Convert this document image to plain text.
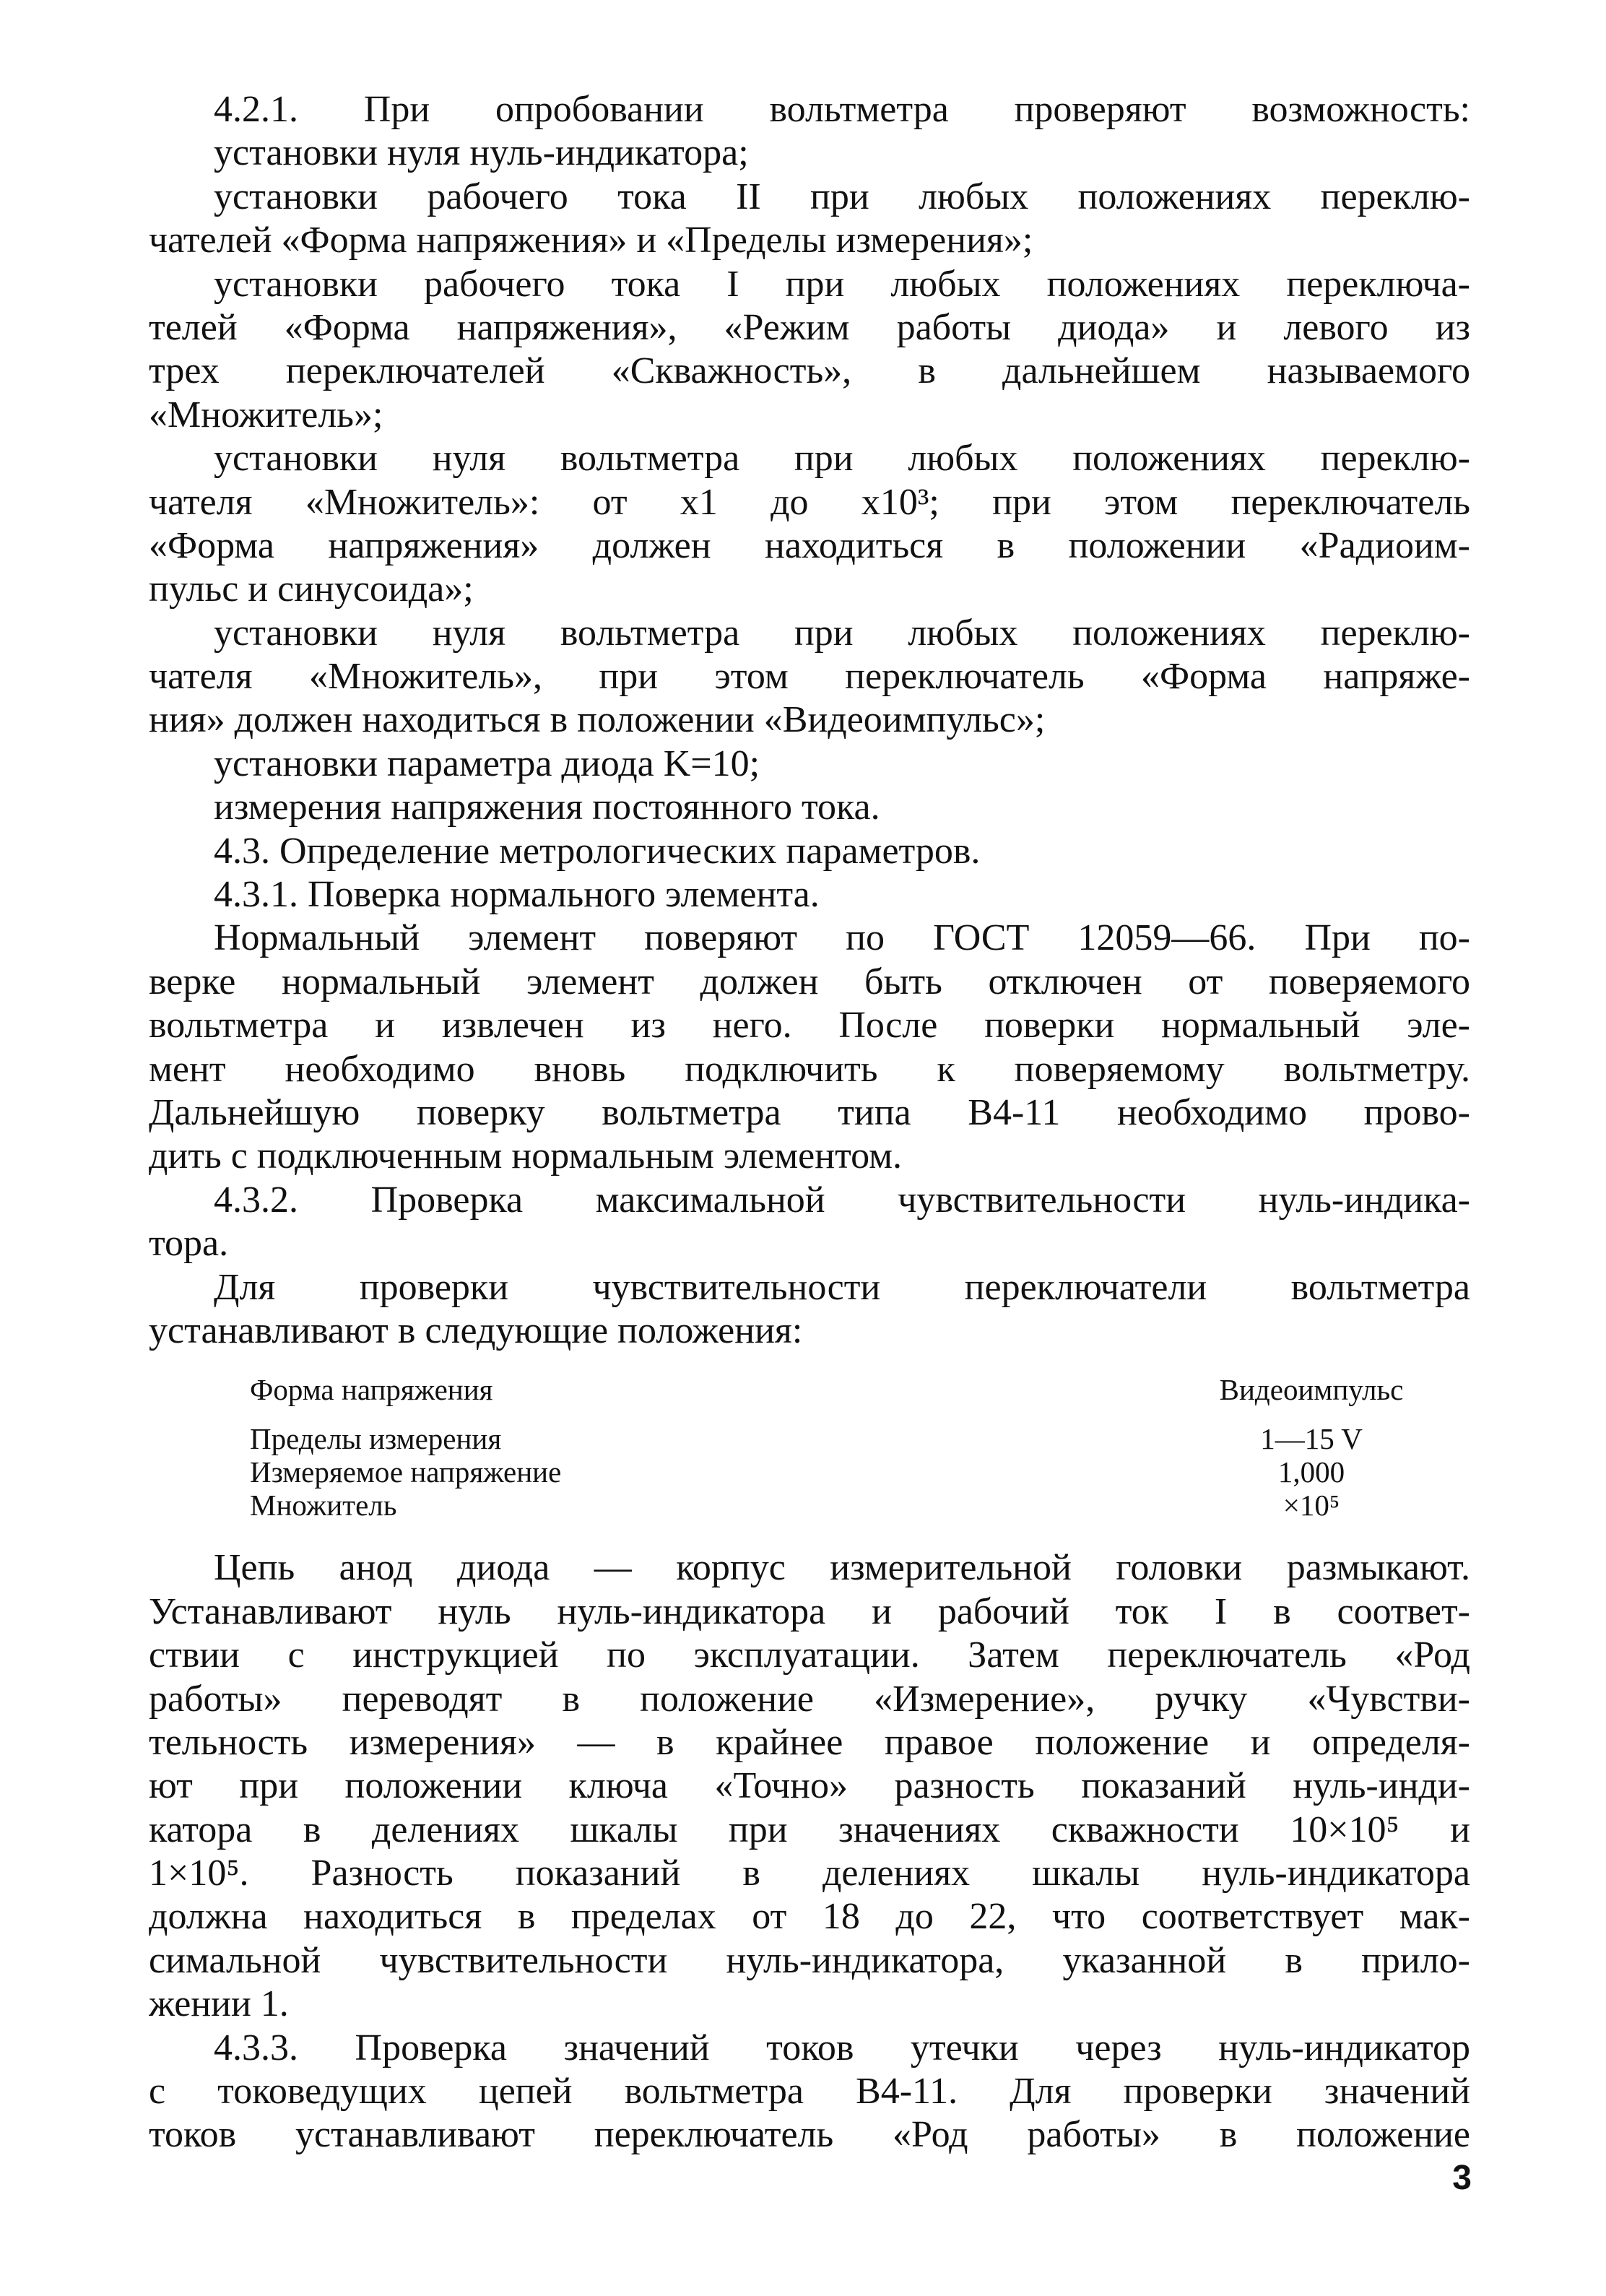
4.2.1. При опробовании вольтметра проверяют возможность:
установки нуля нуль-индикатора;
установки рабочего тока II при любых положениях переклю-
чателей «Форма напряжения» и «Пределы измерения»;
установки рабочего тока I при любых положениях переключа-
телей «Форма напряжения», «Режим работы диода» и левого из
трех переключателей «Скважность», в дальнейшем называемого
«Множитель»;
установки нуля вольтметра при любых положениях переклю-
чателя «Множитель»: от х1 до х10³; при этом переключатель
«Форма напряжения» должен находиться в положении «Радиоим-
пульс и синусоида»;
установки нуля вольтметра при любых положениях переклю-
чателя «Множитель», при этом переключатель «Форма напряже-
ния» должен находиться в положении «Видеоимпульс»;
установки параметра диода K=10;
измерения напряжения постоянного тока.
4.3. Определение метрологических параметров.
4.3.1. Поверка нормального элемента.
Нормальный элемент поверяют по ГОСТ 12059—66. При по-
верке нормальный элемент должен быть отключен от поверяемого
вольтметра и извлечен из него. После поверки нормальный эле-
мент необходимо вновь подключить к поверяемому вольтметру.
Дальнейшую поверку вольтметра типа В4-11 необходимо прово-
дить с подключенным нормальным элементом.
4.3.2. Проверка максимальной чувствительности нуль-индика-
тора.
Для проверки чувствительности переключатели вольтметра
устанавливают в следующие положения:
Форма напряжения	Видеоимпульс
Пределы измерения	1—15 V
Измеряемое напряжение	1,000
Множитель	×10⁵
Цепь анод диода — корпус измерительной головки размыкают.
Устанавливают нуль нуль-индикатора и рабочий ток I в соответ-
ствии с инструкцией по эксплуатации. Затем переключатель «Род
работы» переводят в положение «Измерение», ручку «Чувстви-
тельность измерения» — в крайнее правое положение и определя-
ют при положении ключа «Точно» разность показаний нуль-инди-
катора в делениях шкалы при значениях скважности 10×10⁵ и
1×10⁵. Разность показаний в делениях шкалы нуль-индикатора
должна находиться в пределах от 18 до 22, что соответствует мак-
симальной чувствительности нуль-индикатора, указанной в прило-
жении 1.
4.3.3. Проверка значений токов утечки через нуль-индикатор
с токоведущих цепей вольтметра В4-11. Для проверки значений
токов устанавливают переключатель «Род работы» в положение
3
